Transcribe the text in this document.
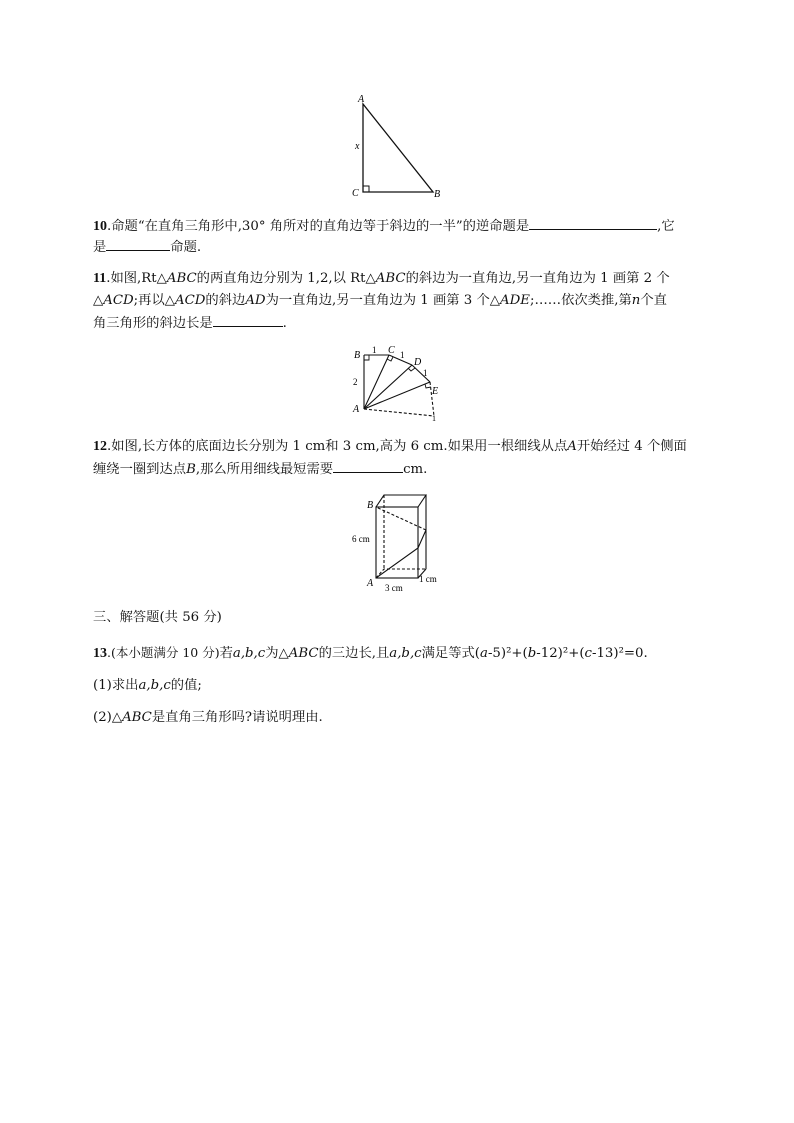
A
x
C	B
10.命题“在直角三角形中,30° 角所对的直角边等于斜边的一半”的逆命题是	,它
是	命题.
11.如图,Rt△ABC的两直角边分别为 1,2,以 Rt△ABC的斜边为一直角边,另一直角边为 1 画第 2 个
△ACD;再以△ACD的斜边AD为一直角边,另一直角边为 1 画第 3 个△ADE;……依次类推,第n个直
角三角形的斜边长是	.
B 1 C 1
D
1
E
2
A
1
12.如图,长方体的底面边长分别为 1 cm和 3 cm,高为 6 cm.如果用一根细线从点A开始经过 4 个侧面
缠绕一圈到达点B,那么所用细线最短需要	cm.
B
6 cm
A	1 cm
3 cm
三、解答题(共 56 分)
13.(本小题满分 10 分)若a,b,c为△ABC的三边长,且a,b,c满足等式(a-5)²+(b-12)²+(c-13)²=0.
(1)求出a,b,c的值;
(2)△ABC是直角三角形吗?请说明理由.
